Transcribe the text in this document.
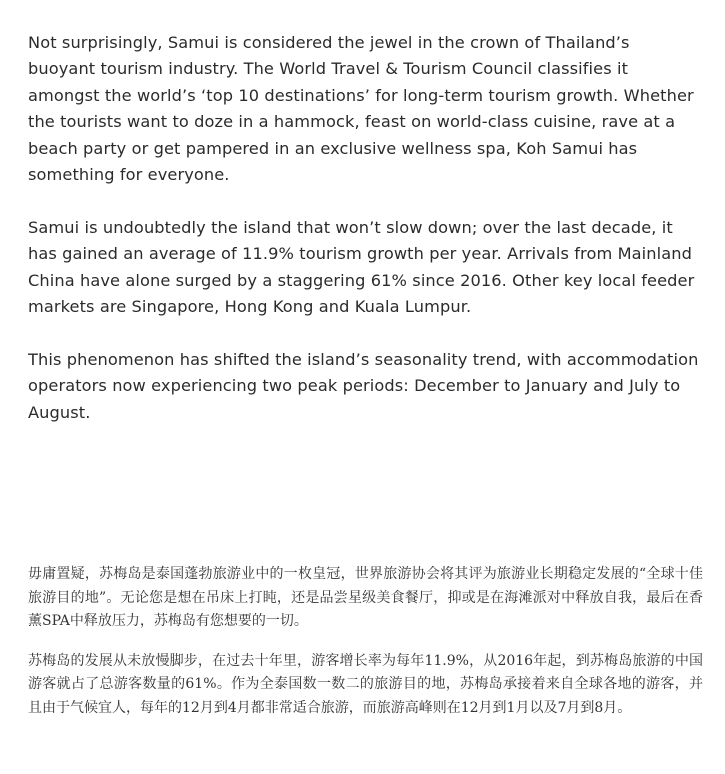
Not surprisingly, Samui is considered the jewel in the crown of Thailand’s buoyant tourism industry. The World Travel & Tourism Council classifies it amongst the world’s ‘top 10 destinations’ for long-term tourism growth. Whether the tourists want to doze in a hammock, feast on world-class cuisine, rave at a beach party or get pampered in an exclusive wellness spa, Koh Samui has something for everyone.

Samui is undoubtedly the island that won’t slow down; over the last decade, it has gained an average of 11.9% tourism growth per year. Arrivals from Mainland China have alone surged by a staggering 61% since 2016. Other key local feeder markets are Singapore, Hong Kong and Kuala Lumpur.

This phenomenon has shifted the island’s seasonality trend, with accommodation operators now experiencing two peak periods: December to January and July to August.

毋庸置疑，苏梅岛是泰国蓬勃旅游业中的一枚皇冠，世界旅游协会将其评为旅游业长期稳定发展的“全球十佳旅游目的地”。无论您是想在吊床上打盹，还是品尝星级美食餐厅，抑或是在海滩派对中释放自我，最后在香薰SPA中释放压力，苏梅岛有您想要的一切。

苏梅岛的发展从未放慢脚步，在过去十年里，游客增长率为每年11.9%，从2016年起，到苏梅岛旅游的中国游客就占了总游客数量的61%。作为全泰国数一数二的旅游目的地，苏梅岛承接着来自全球各地的游客，并且由于气候宜人，每年的12月到4月都非常适合旅游，而旅游高峰则在12月到1月以及7月到8月。
